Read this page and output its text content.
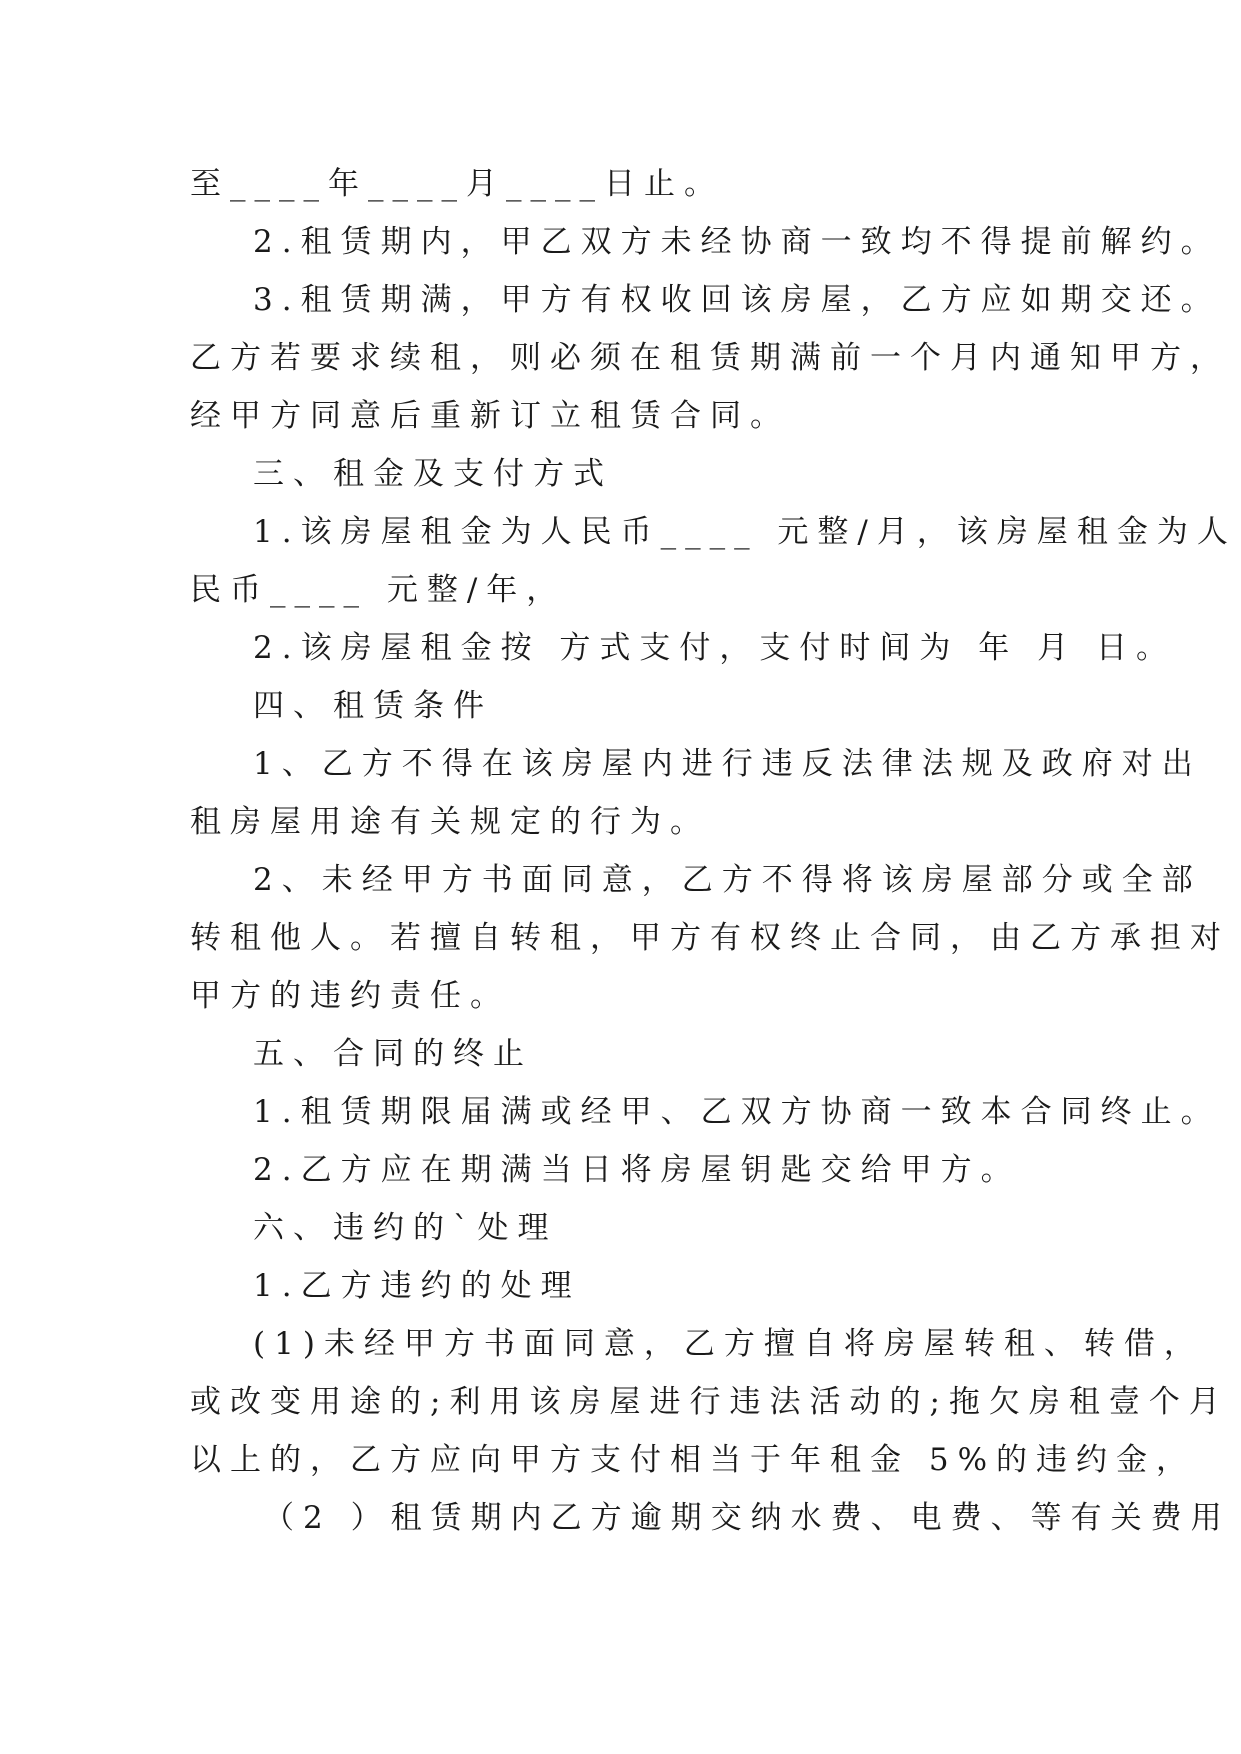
至____年____月____日止。
2.租赁期内，甲乙双方未经协商一致均不得提前解约。
3.租赁期满，甲方有权收回该房屋，乙方应如期交还。
乙方若要求续租，则必须在租赁期满前一个月内通知甲方，
经甲方同意后重新订立租赁合同。
三、租金及支付方式
1.该房屋租金为人民币____ 元整/月，该房屋租金为人
民币____ 元整/年，
2.该房屋租金按 方式支付，支付时间为 年 月 日。
四、租赁条件
1、乙方不得在该房屋内进行违反法律法规及政府对出
租房屋用途有关规定的行为。
2、未经甲方书面同意，乙方不得将该房屋部分或全部
转租他人。若擅自转租，甲方有权终止合同，由乙方承担对
甲方的违约责任。
五、合同的终止
1.租赁期限届满或经甲、乙双方协商一致本合同终止。
2.乙方应在期满当日将房屋钥匙交给甲方。
六、违约的`处理
1.乙方违约的处理
(1)未经甲方书面同意，乙方擅自将房屋转租、转借，
或改变用途的;利用该房屋进行违法活动的;拖欠房租壹个月
以上的，乙方应向甲方支付相当于年租金 5%的违约金，
（2 ）租赁期内乙方逾期交纳水费、电费、等有关费用
